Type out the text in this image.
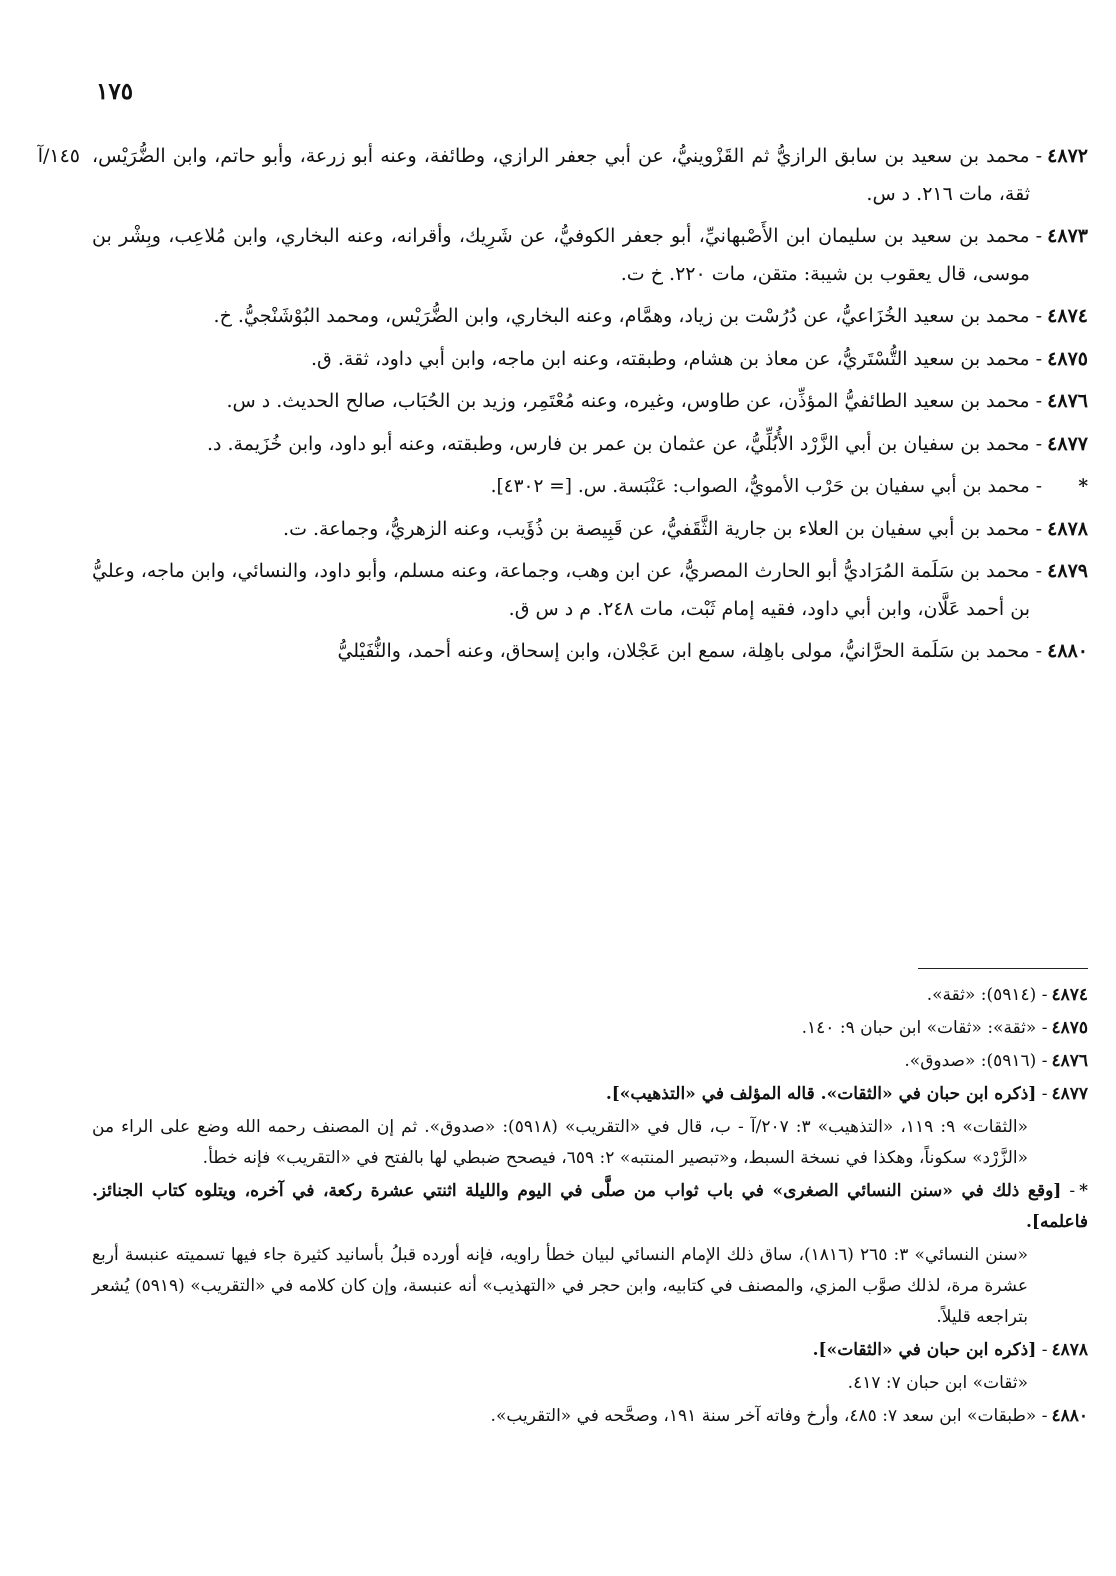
١٧٥

٤٨٧٢-محمد بن سعيد بن سابق الرازيُّ ثم القَزْوينيُّ، عن أبي جعفر الرازي، وطائفة، وعنه أبو زرعة، وأبو حاتم، وابن الضُّرَيْس، ثقة، مات ٢١٦. د س.
١٤٥/آ

٤٨٧٣-محمد بن سعيد بن سليمان ابن الأَصْبهانيِّ، أبو جعفر الكوفيُّ، عن شَرِيك، وأقرانه، وعنه البخاري، وابن مُلاعِب، وبِشْر بن موسى، قال يعقوب بن شيبة: متقن، مات ٢٢٠. خ ت.

٤٨٧٤-محمد بن سعيد الخُزَاعيُّ، عن دُرُسْت بن زياد، وهمَّام، وعنه البخاري، وابن الضُّرَيْس، ومحمد البُوْشَنْجيُّ. خ.

٤٨٧٥-محمد بن سعيد التُّسْتَريُّ، عن معاذ بن هشام، وطبقته، وعنه ابن ماجه، وابن أبي داود، ثقة. ق.

٤٨٧٦-محمد بن سعيد الطائفيُّ المؤذِّن، عن طاوس، وغيره، وعنه مُعْتَمِر، وزيد بن الحُبَاب، صالح الحديث. د س.

٤٨٧٧-محمد بن سفيان بن أبي الزَّرْد الأُبُلِّيُّ، عن عثمان بن عمر بن فارس، وطبقته، وعنه أبو داود، وابن خُزَيمة. د.

*-محمد بن أبي سفيان بن حَرْب الأمويُّ، الصواب: عَنْبَسة. س. [= ٤٣٠٢].

٤٨٧٨-محمد بن أبي سفيان بن العلاء بن جارية الثَّقَفيُّ، عن قَبِيصة بن ذُؤَيب، وعنه الزهريُّ، وجماعة. ت.

٤٨٧٩-محمد بن سَلَمة المُرَاديُّ أبو الحارث المصريُّ، عن ابن وهب، وجماعة، وعنه مسلم، وأبو داود، والنسائي، وابن ماجه، وعليُّ بن أحمد عَلَّان، وابن أبي داود، فقيه إمام ثَبْت، مات ٢٤٨. م د س ق.

٤٨٨٠-محمد بن سَلَمة الحرَّانيُّ، مولى باهِلة، سمع ابن عَجْلان، وابن إسحاق، وعنه أحمد، والنُّفَيْليُّ

٤٨٧٤- (٥٩١٤): «ثقة».

٤٨٧٥- «ثقة»: «ثقات» ابن حبان ٩: ١٤٠.

٤٨٧٦- (٥٩١٦): «صدوق».

٤٨٧٧- [ذكره ابن حبان في «الثقات». قاله المؤلف في «التذهيب»].

«الثقات» ٩: ١١٩، «التذهيب» ٣: ٢٠٧/آ - ب، قال في «التقريب» (٥٩١٨): «صدوق». ثم إن المصنف رحمه الله وضع على الراء من «الزَّرْد» سكوناً، وهكذا في نسخة السبط، و«تبصير المنتبه» ٢: ٦٥٩، فيصحح ضبطي لها بالفتح في «التقريب» فإنه خطأ.

*- [وقع ذلك في «سنن النسائي الصغرى» في باب ثواب من صلَّى في اليوم والليلة اثنتي عشرة ركعة، في آخره، ويتلوه كتاب الجنائز. فاعلمه].

«سنن النسائي» ٣: ٢٦٥ (١٨١٦)، ساق ذلك الإمام النسائي لبيان خطأ راويه، فإنه أورده قبلُ بأسانيد كثيرة جاء فيها تسميته عنبسة أربع عشرة مرة، لذلك صوَّب المزي، والمصنف في كتابيه، وابن حجر في «التهذيب» أنه عنبسة، وإن كان كلامه في «التقريب» (٥٩١٩) يُشعر بتراجعه قليلاً.

٤٨٧٨- [ذكره ابن حبان في «الثقات»].

«ثقات» ابن حبان ٧: ٤١٧.

٤٨٨٠- «طبقات» ابن سعد ٧: ٤٨٥، وأرخ وفاته آخر سنة ١٩١، وصحَّحه في «التقريب».
